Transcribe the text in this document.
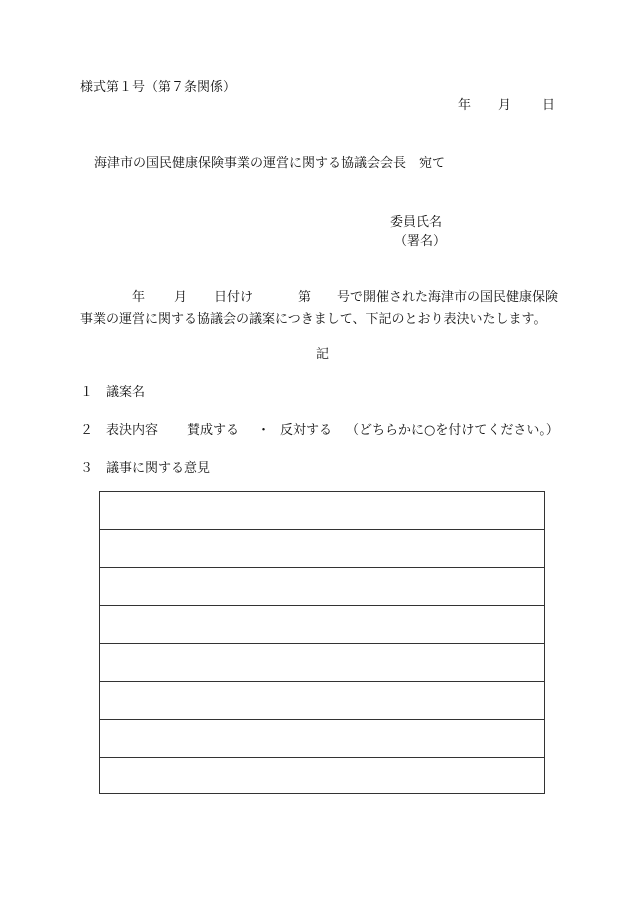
様式第１号（第７条関係）
年 月 日
海津市の国民健康保険事業の運営に関する協議会会長　宛て
委員氏名
（署名）
年 月 日付け	第 号で開催された海津市の国民健康保険
事業の運営に関する協議会の議案につきまして、下記のとおり表決いたします。
記
１ 議案名
２ 表決内容 賛成する ・ 反対する （どちらかに○を付けてください。）
３ 議事に関する意見
